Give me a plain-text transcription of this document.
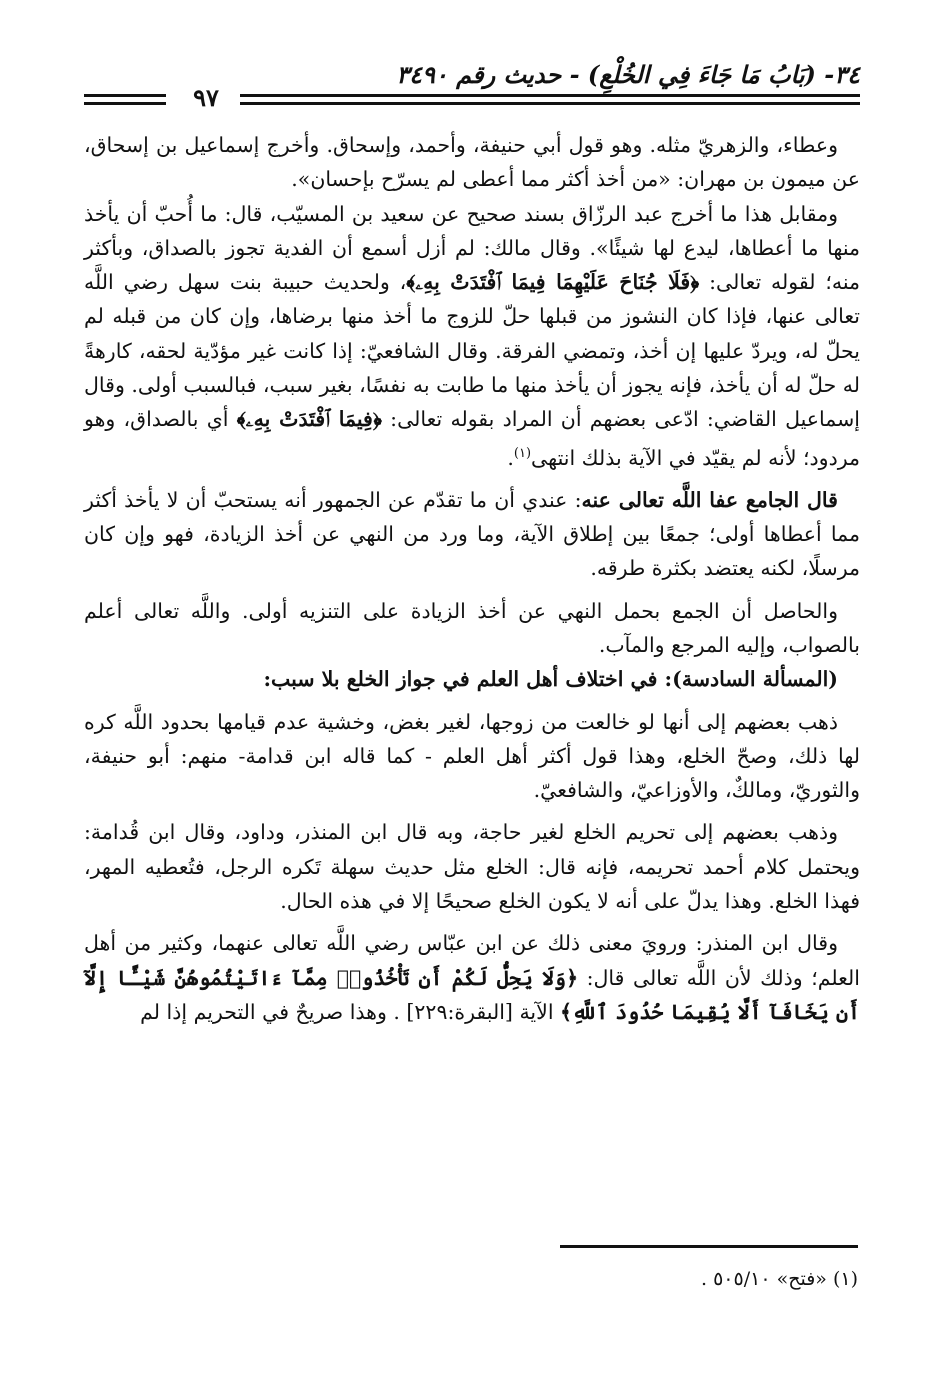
٣٤- (بَابُ مَا جَاءَ فِي الخُلْعِ) - حديث رقم ٣٤٩٠
٩٧

وعطاء، والزهريّ مثله. وهو قول أبي حنيفة، وأحمد، وإسحاق. وأخرج إسماعيل بن إسحاق، عن ميمون بن مهران: «من أخذ أكثر مما أعطى لم يسرّح بإحسان».

ومقابل هذا ما أخرج عبد الرزّاق بسند صحيح عن سعيد بن المسيّب، قال: ما أُحبّ أن يأخذ منها ما أعطاها، ليدع لها شيئًا». وقال مالك: لم أزل أسمع أن الفدية تجوز بالصداق، وبأكثر منه؛ لقوله تعالى: ﴿فَلَا جُنَاحَ عَلَيْهِمَا فِيمَا ٱفْتَدَتْ بِهِۦ﴾، ولحديث حبيبة بنت سهل رضي اللَّه تعالى عنها، فإذا كان النشوز من قبلها حلّ للزوج ما أخذ منها برضاها، وإن كان من قبله لم يحلّ له، ويردّ عليها إن أخذ، وتمضي الفرقة. وقال الشافعيّ: إذا كانت غير مؤدّية لحقه، كارهةً له حلّ له أن يأخذ، فإنه يجوز أن يأخذ منها ما طابت به نفسًا، بغير سبب، فبالسبب أولى. وقال إسماعيل القاضي: ادّعى بعضهم أن المراد بقوله تعالى: ﴿فِيمَا ٱفْتَدَتْ بِهِۦ﴾ أي بالصداق، وهو مردود؛ لأنه لم يقيّد في الآية بذلك انتهى$^{(١)}$.

قال الجامع عفا اللَّه تعالى عنه: عندي أن ما تقدّم عن الجمهور أنه يستحبّ أن لا يأخذ أكثر مما أعطاها أولى؛ جمعًا بين إطلاق الآية، وما ورد من النهي عن أخذ الزيادة، فهو وإن كان مرسلًا، لكنه يعتضد بكثرة طرقه.

والحاصل أن الجمع بحمل النهي عن أخذ الزيادة على التنزيه أولى. واللَّه تعالى أعلم بالصواب، وإليه المرجع والمآب.

(المسألة السادسة): في اختلاف أهل العلم في جواز الخلع بلا سبب:

ذهب بعضهم إلى أنها لو خالعت من زوجها، لغير بغض، وخشية عدم قيامها بحدود اللَّه كره لها ذلك، وصحّ الخلع، وهذا قول أكثر أهل العلم - كما قاله ابن قدامة- منهم: أبو حنيفة، والثوريّ، ومالكٌ، والأوزاعيّ، والشافعيّ.

وذهب بعضهم إلى تحريم الخلع لغير حاجة، وبه قال ابن المنذر، وداود، وقال ابن قُدامة: ويحتمل كلام أحمد تحريمه، فإنه قال: الخلع مثل حديث سهلة تَكره الرجل، فتُعطيه المهر، فهذا الخلع. وهذا يدلّ على أنه لا يكون الخلع صحيحًا إلا في هذه الحال.

وقال ابن المنذر: ورويَ معنى ذلك عن ابن عبّاس رضي اللَّه تعالى عنهما، وكثير من أهل العلم؛ وذلك لأن اللَّه تعالى قال: ﴿وَلَا يَحِلُّ لَكُمْ أَن تَأْخُذُوا۟ مِمَّآ ءَاتَيْتُمُوهُنَّ شَيْـًٔا إِلَّآ أَن يَخَافَآ أَلَّا يُقِيمَا حُدُودَ ٱللَّهِ﴾ الآية [البقرة:٢٢٩] . وهذا صريحٌ في التحريم إذا لم

(١) «فتح» ٥٠٥/١٠ .
